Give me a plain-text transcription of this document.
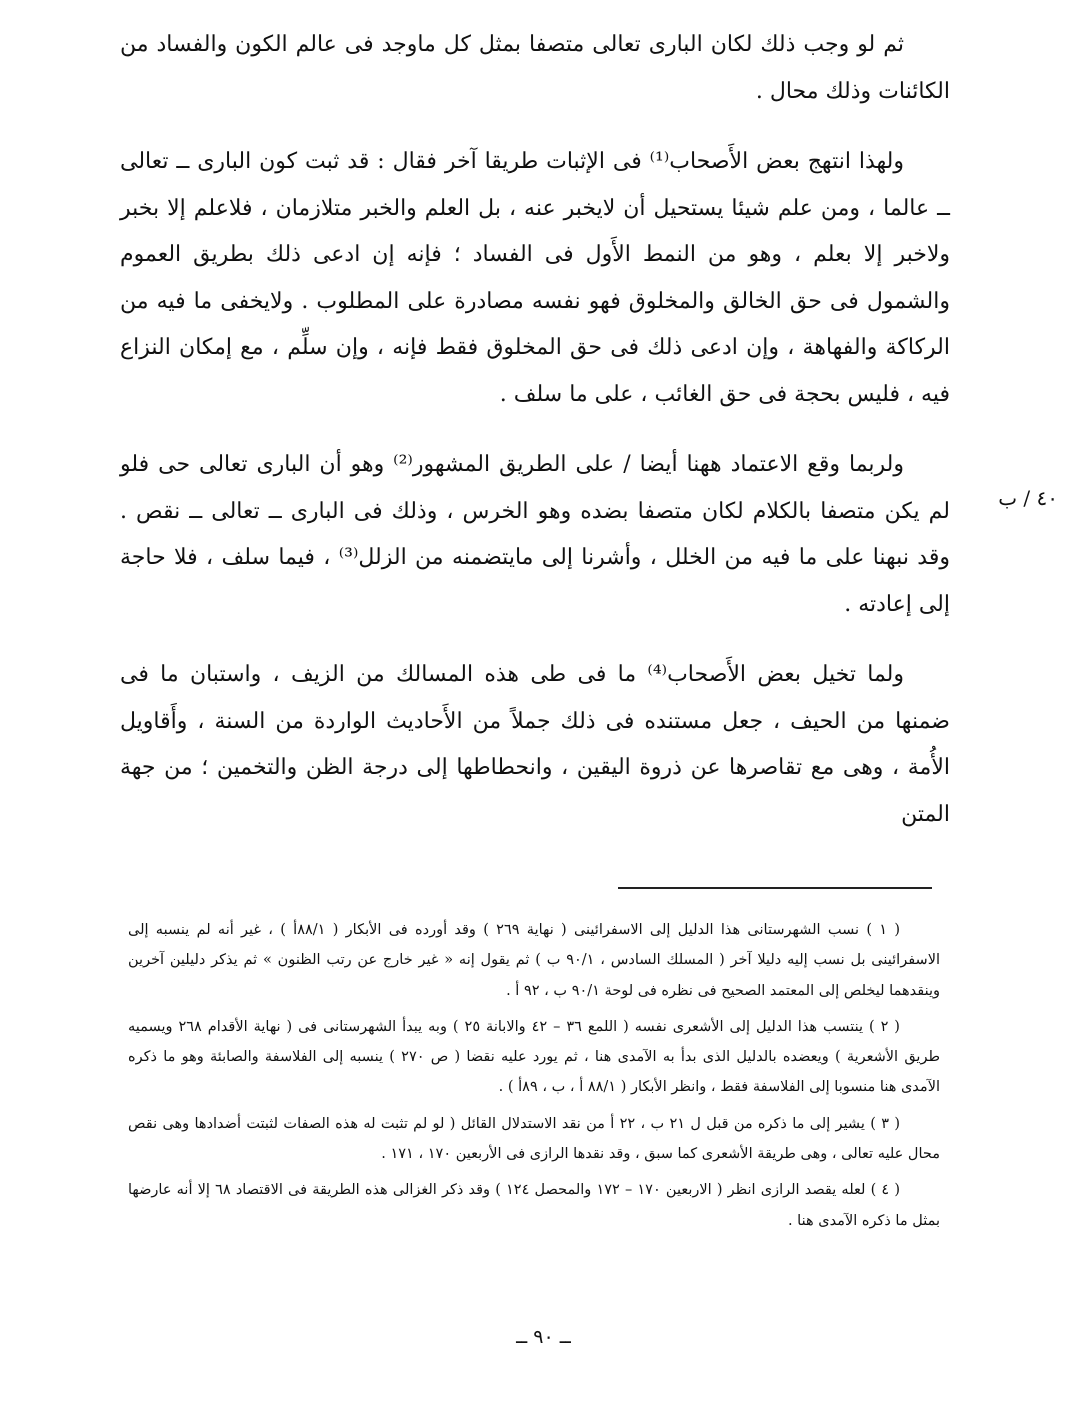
ثم لو وجب ذلك لكان البارى تعالى متصفا بمثل كل ماوجد فى عالم الكون والفساد من الكائنات وذلك محال .

ولهذا انتهج بعض الأَصحاب⁽¹⁾ فى الإثبات طريقا آخر فقال : قد ثبت كون البارى ــ تعالى ــ عالما ، ومن علم شيئا يستحيل أن لايخبر عنه ، بل العلم والخبر متلازمان ، فلاعلم إلا بخبر ولاخبر إلا بعلم ، وهو من النمط الأَول فى الفساد ؛ فإنه إن ادعى ذلك بطريق العموم والشمول فى حق الخالق والمخلوق فهو نفسه مصادرة على المطلوب . ولايخفى ما فيه من الركاكة والفهاهة ، وإن ادعى ذلك فى حق المخلوق فقط فإنه ، وإن سلِّم ، مع إمكان النزاع فيه ، فليس بحجة فى حق الغائب ، على ما سلف .

ولربما وقع الاعتماد ههنا أيضا / على الطريق المشهور⁽²⁾ وهو أن البارى تعالى حى فلو لم يكن متصفا بالكلام لكان متصفا بضده وهو الخرس ، وذلك فى البارى ــ تعالى ــ نقص . وقد نبهنا على ما فيه من الخلل ، وأشرنا إلى مايتضمنه من الزلل⁽³⁾ ، فيما سلف ، فلا حاجة إلى إعادته .

ولما تخيل بعض الأَصحاب⁽⁴⁾ ما فى طى هذه المسالك من الزيف ، واستبان ما فى ضمنها من الحيف ، جعل مستنده فى ذلك جملاً من الأَحاديث الواردة من السنة ، وأَقاويل الأُمة ، وهى مع تقاصرها عن ذروة اليقين ، وانحطاطها إلى درجة الظن والتخمين ؛ من جهة المتن

٤٠ / ب

( ١ ) نسب الشهرستانى هذا الدليل إلى الاسفرائينى ( نهاية ٢٦٩ ) وقد أورده فى الأبكار ( ٨٨/١أ ) ، غير أنه لم ينسبه إلى الاسفرائينى بل نسب إليه دليلا آخر ( المسلك السادس ، ٩٠/١ ب ) ثم يقول إنه « غير خارج عن رتب الظنون » ثم يذكر دليلين آخرين وينقدهما ليخلص إلى المعتمد الصحيح فى نظره فى لوحة ٩٠/١ ب ، ٩٢ أ .

( ٢ ) ينتسب هذا الدليل إلى الأشعرى نفسه ( اللمع ٣٦ – ٤٢ والابانة ٢٥ ) وبه يبدأ الشهرستانى فى ( نهاية الأقدام ٢٦٨ ويسميه طريق الأشعرية ) ويعضده بالدليل الذى بدأ به الآمدى هنا ، ثم يورد عليه نقضا ( ص ٢٧٠ ) ينسبه إلى الفلاسفة والصابئة وهو ما ذكره الآمدى هنا منسوبا إلى الفلاسفة فقط ، وانظر الأبكار ( ٨٨/١ أ ، ب ، ٨٩أ ) .

( ٣ ) يشير إلى ما ذكره من قبل ل ٢١ ب ، ٢٢ أ من نقد الاستدلال القائل ( لو لم تثبت له هذه الصفات لثبتت أضدادها وهى نقص محال عليه تعالى ، وهى طريقة الأشعرى كما سبق ، وقد نقدها الرازى فى الأربعين ١٧٠ ، ١٧١ .

( ٤ ) لعله يقصد الرازى انظر ( الاربعين ١٧٠ – ١٧٢ والمحصل ١٢٤ ) وقد ذكر الغزالى هذه الطريقة فى الاقتصاد ٦٨ إلا أنه عارضها بمثل ما ذكره الآمدى هنا .

ــ ٩٠ ــ
